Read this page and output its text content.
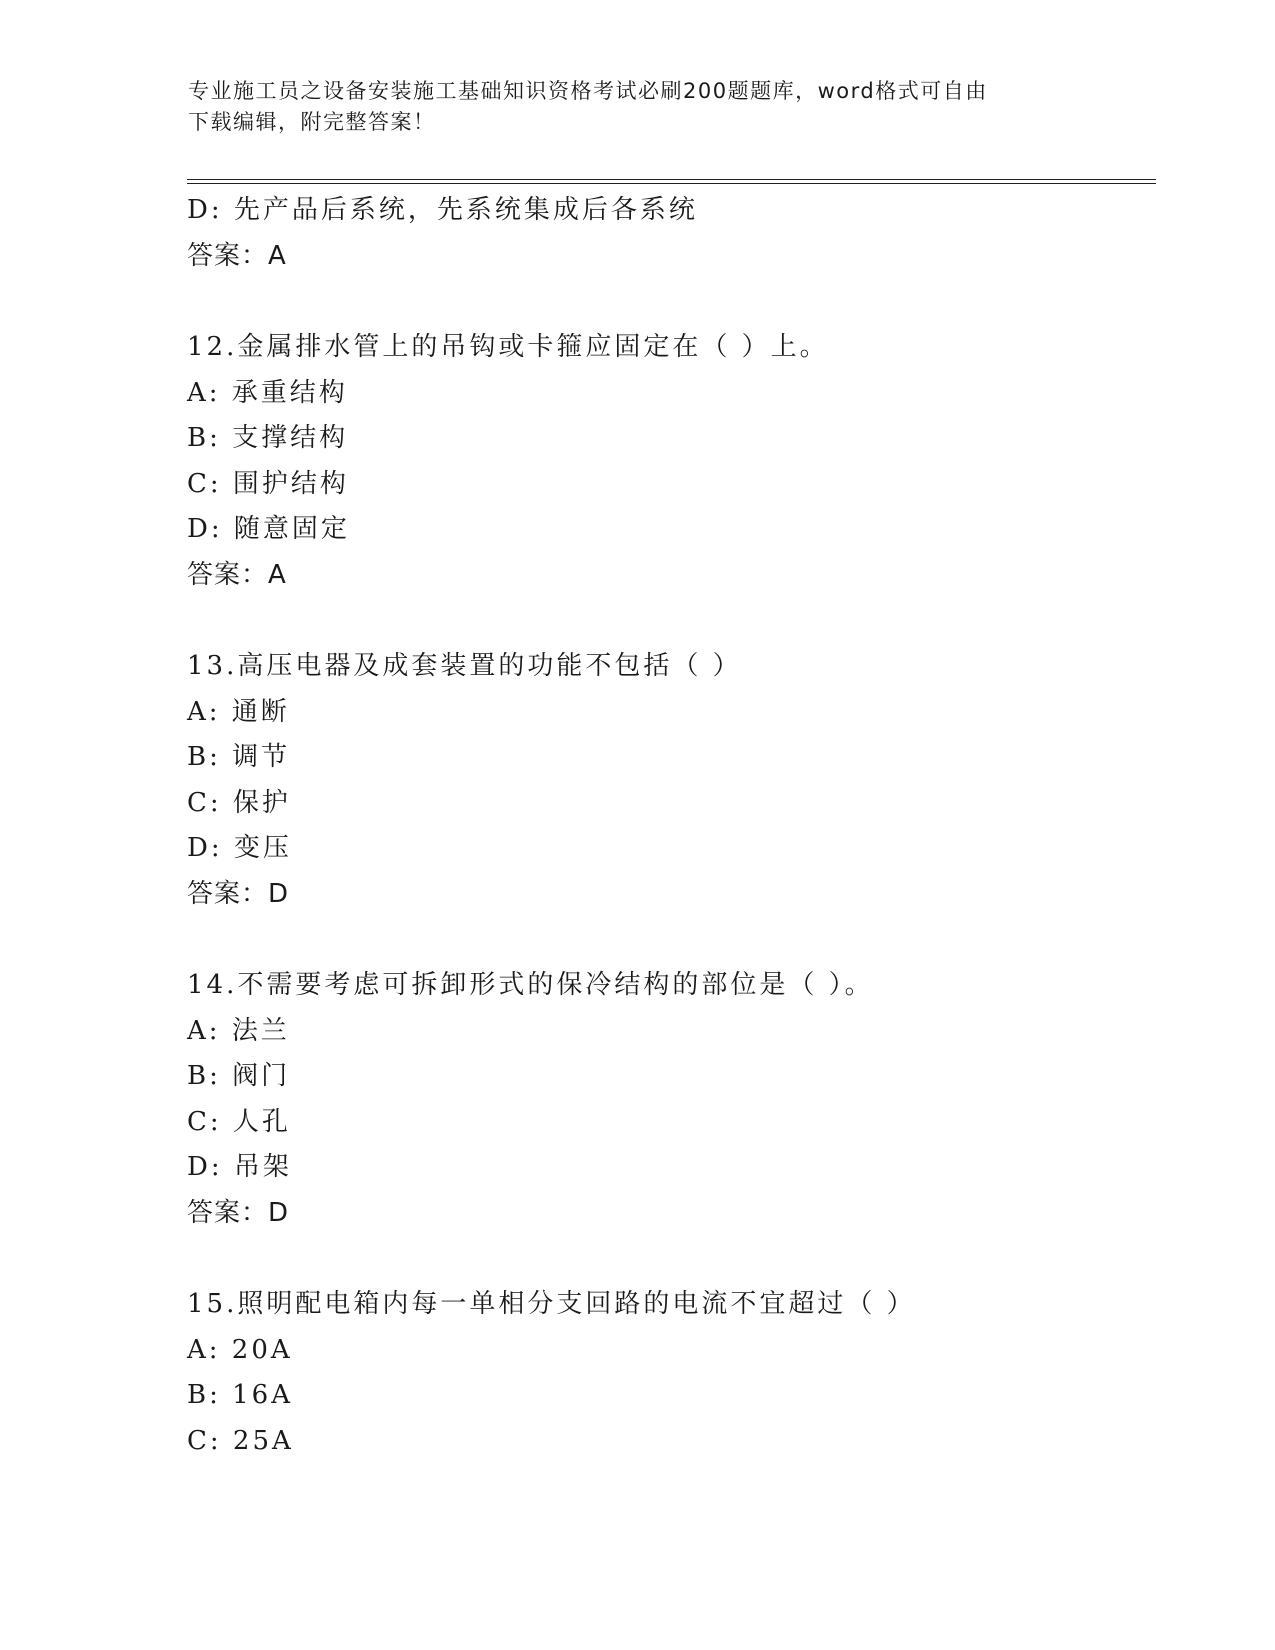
专业施工员之设备安装施工基础知识资格考试必刷200题题库，word格式可自由
下载编辑，附完整答案！
D: 先产品后系统，先系统集成后各系统
答案：A
12.金属排水管上的吊钩或卡箍应固定在（ ）上。
A: 承重结构
B: 支撑结构
C: 围护结构
D: 随意固定
答案：A
13.高压电器及成套装置的功能不包括（ ）
A: 通断
B: 调节
C: 保护
D: 变压
答案：D
14.不需要考虑可拆卸形式的保冷结构的部位是（ ）。
A: 法兰
B: 阀门
C: 人孔
D: 吊架
答案：D
15.照明配电箱内每一单相分支回路的电流不宜超过（ ）
A: 20A
B: 16A
C: 25A
